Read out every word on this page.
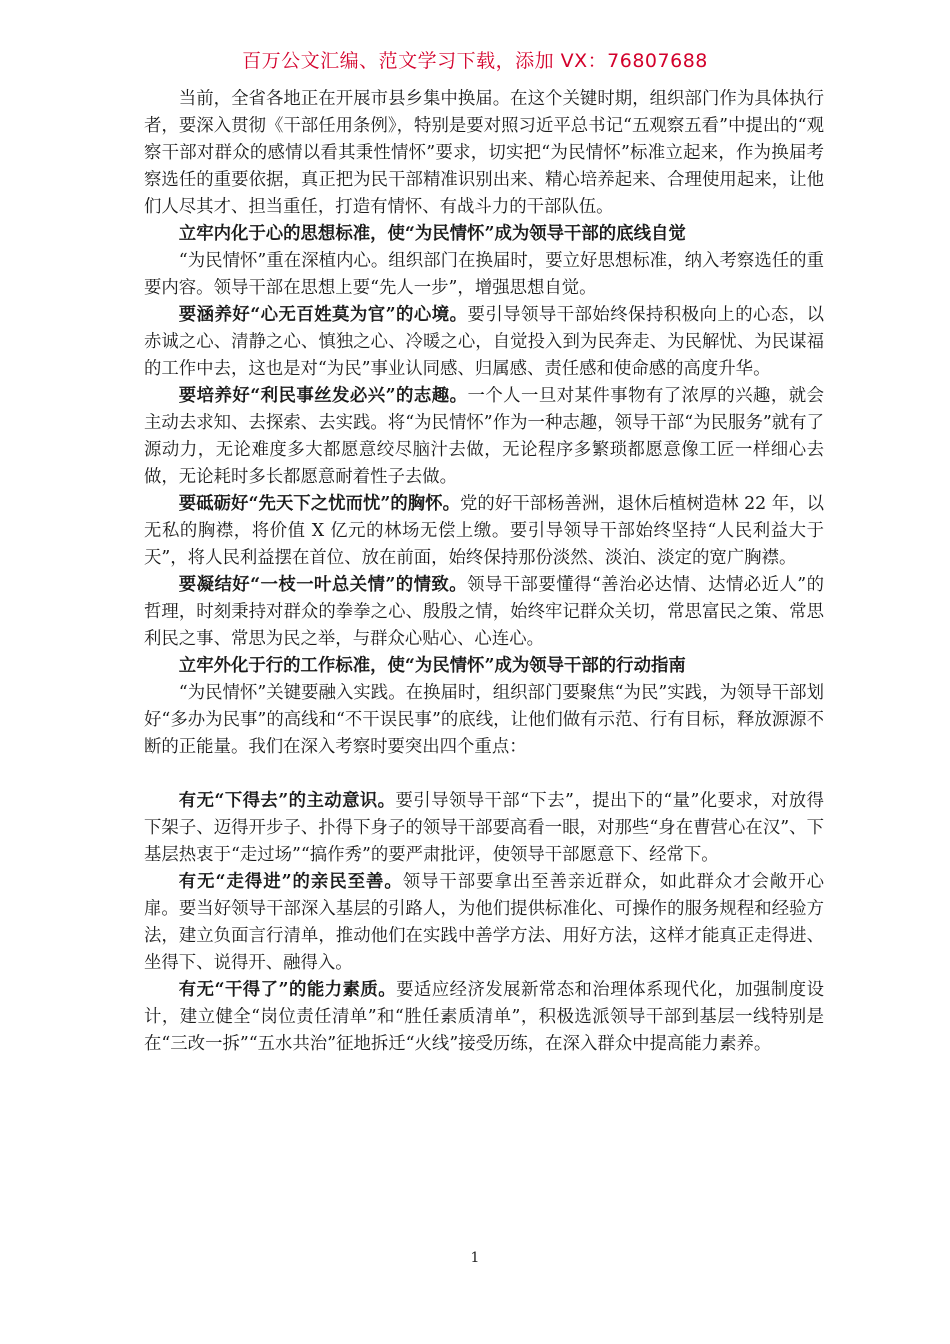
百万公文汇编、范文学习下载，添加 VX：76807688

当前，全省各地正在开展市县乡集中换届。在这个关键时期，组织部门作为具体执行者，要深入贯彻《干部任用条例》，特别是要对照习近平总书记“五观察五看”中提出的“观察干部对群众的感情以看其秉性情怀”要求，切实把“为民情怀”标准立起来，作为换届考察选任的重要依据，真正把为民干部精准识别出来、精心培养起来、合理使用起来，让他们人尽其才、担当重任，打造有情怀、有战斗力的干部队伍。

立牢内化于心的思想标准，使“为民情怀”成为领导干部的底线自觉

“为民情怀”重在深植内心。组织部门在换届时，要立好思想标准，纳入考察选任的重要内容。领导干部在思想上要“先人一步”，增强思想自觉。

要涵养好“心无百姓莫为官”的心境。要引导领导干部始终保持积极向上的心态，以赤诚之心、清静之心、慎独之心、冷暖之心，自觉投入到为民奔走、为民解忧、为民谋福的工作中去，这也是对“为民”事业认同感、归属感、责任感和使命感的高度升华。

要培养好“利民事丝发必兴”的志趣。一个人一旦对某件事物有了浓厚的兴趣，就会主动去求知、去探索、去实践。将“为民情怀”作为一种志趣，领导干部“为民服务”就有了源动力，无论难度多大都愿意绞尽脑汁去做，无论程序多繁琐都愿意像工匠一样细心去做，无论耗时多长都愿意耐着性子去做。

要砥砺好“先天下之忧而忧”的胸怀。党的好干部杨善洲，退休后植树造林 22 年，以无私的胸襟，将价值 X 亿元的林场无偿上缴。要引导领导干部始终坚持“人民利益大于天”，将人民利益摆在首位、放在前面，始终保持那份淡然、淡泊、淡定的宽广胸襟。

要凝结好“一枝一叶总关情”的情致。领导干部要懂得“善治必达情、达情必近人”的哲理，时刻秉持对群众的拳拳之心、殷殷之情，始终牢记群众关切，常思富民之策、常思利民之事、常思为民之举，与群众心贴心、心连心。

立牢外化于行的工作标准，使“为民情怀”成为领导干部的行动指南

“为民情怀”关键要融入实践。在换届时，组织部门要聚焦“为民”实践，为领导干部划好“多办为民事”的高线和“不干误民事”的底线，让他们做有示范、行有目标，释放源源不断的正能量。我们在深入考察时要突出四个重点：

有无“下得去”的主动意识。要引导领导干部“下去”，提出下的“量”化要求，对放得下架子、迈得开步子、扑得下身子的领导干部要高看一眼，对那些“身在曹营心在汉”、下基层热衷于“走过场”“搞作秀”的要严肃批评，使领导干部愿意下、经常下。

有无“走得进”的亲民至善。领导干部要拿出至善亲近群众，如此群众才会敞开心扉。要当好领导干部深入基层的引路人，为他们提供标准化、可操作的服务规程和经验方法，建立负面言行清单，推动他们在实践中善学方法、用好方法，这样才能真正走得进、坐得下、说得开、融得入。

有无“干得了”的能力素质。要适应经济发展新常态和治理体系现代化，加强制度设计，建立健全“岗位责任清单”和“胜任素质清单”，积极选派领导干部到基层一线特别是在“三改一拆”“五水共治”征地拆迁“火线”接受历练，在深入群众中提高能力素养。

1
